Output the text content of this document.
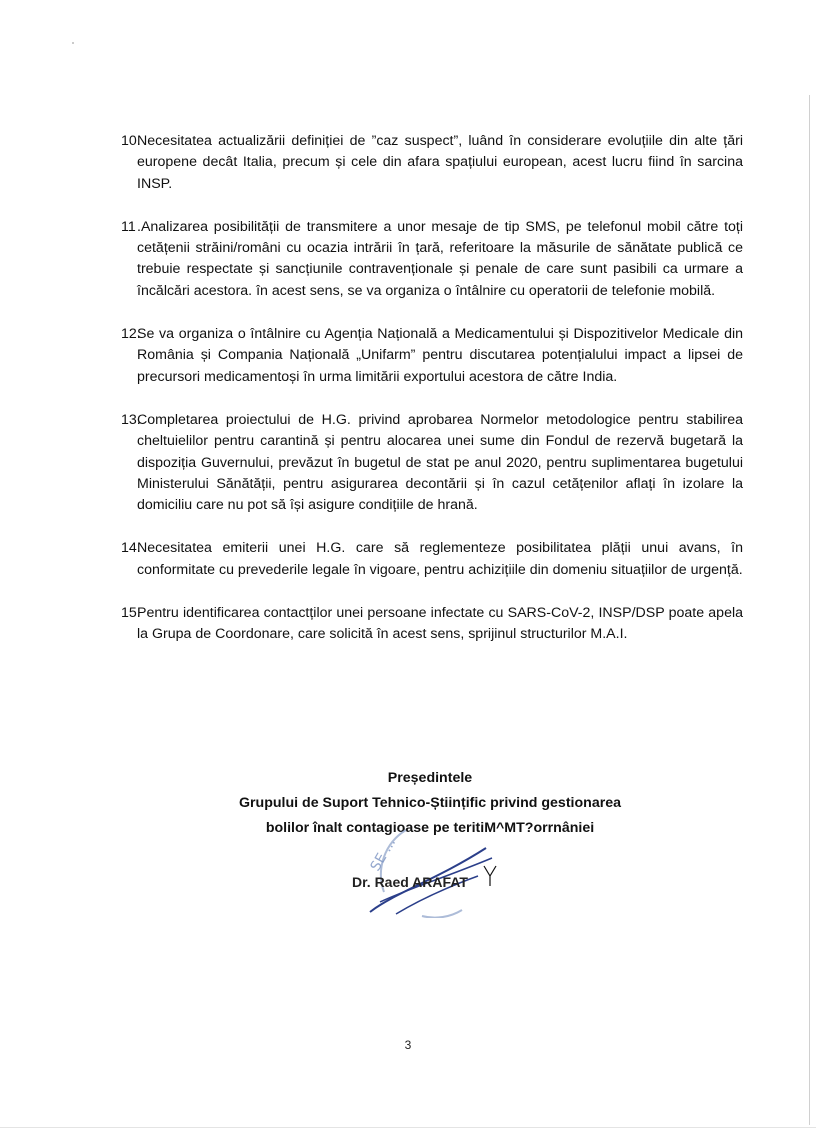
10.
Necesitatea actualizării definiției de ”caz suspect”, luând în considerare evoluțiile din alte țări europene decât Italia, precum și cele din afara spațiului european, acest lucru fiind în sarcina INSP.
11 .Analizarea posibilității de transmitere a unor mesaje de tip SMS, pe telefonul mobil către toți cetățenii străini/români cu ocazia intrării în țară, referitoare la măsurile de sănătate publică ce trebuie respectate și sancțiunile contravenționale și penale de care sunt pasibili ca urmare a încălcări acestora. în acest sens, se va organiza o întâlnire cu operatorii de telefonie mobilă.
12.
Se va organiza o întâlnire cu Agenția Națională a Medicamentului și Dispozitivelor Medicale din România și Compania Națională „Unifarm” pentru discutarea potențialului impact a lipsei de precursori medicamentoși în urma limitării exportului acestora de către India.
13.
Completarea proiectului de H.G. privind aprobarea Normelor metodologice pentru stabilirea cheltuielilor pentru carantină și pentru alocarea unei sume din Fondul de rezervă bugetară la dispoziția Guvernului, prevăzut în bugetul de stat pe anul 2020, pentru suplimentarea bugetului Ministerului Sănătății, pentru asigurarea decontării și în cazul cetățenilor aflați în izolare la domiciliu care nu pot să își asigure condițiile de hrană.
14.
Necesitatea emiterii unei H.G. care să reglementeze posibilitatea plății unui avans, în conformitate cu prevederile legale în vigoare, pentru achizițiile din domeniu situațiilor de urgență.
15.
Pentru identificarea contactților unei persoane infectate cu SARS-CoV-2, INSP/DSP poate apela la Grupa de Coordonare, care solicită în acest sens, sprijinul structurilor M.A.I.
Președintele
Grupului de Suport Tehnico-Științific privind gestionarea
bolilor înalt contagioase pe teritiM^MT?orrnâniei
SE ...
Dr. Raed ARAFAT
3
